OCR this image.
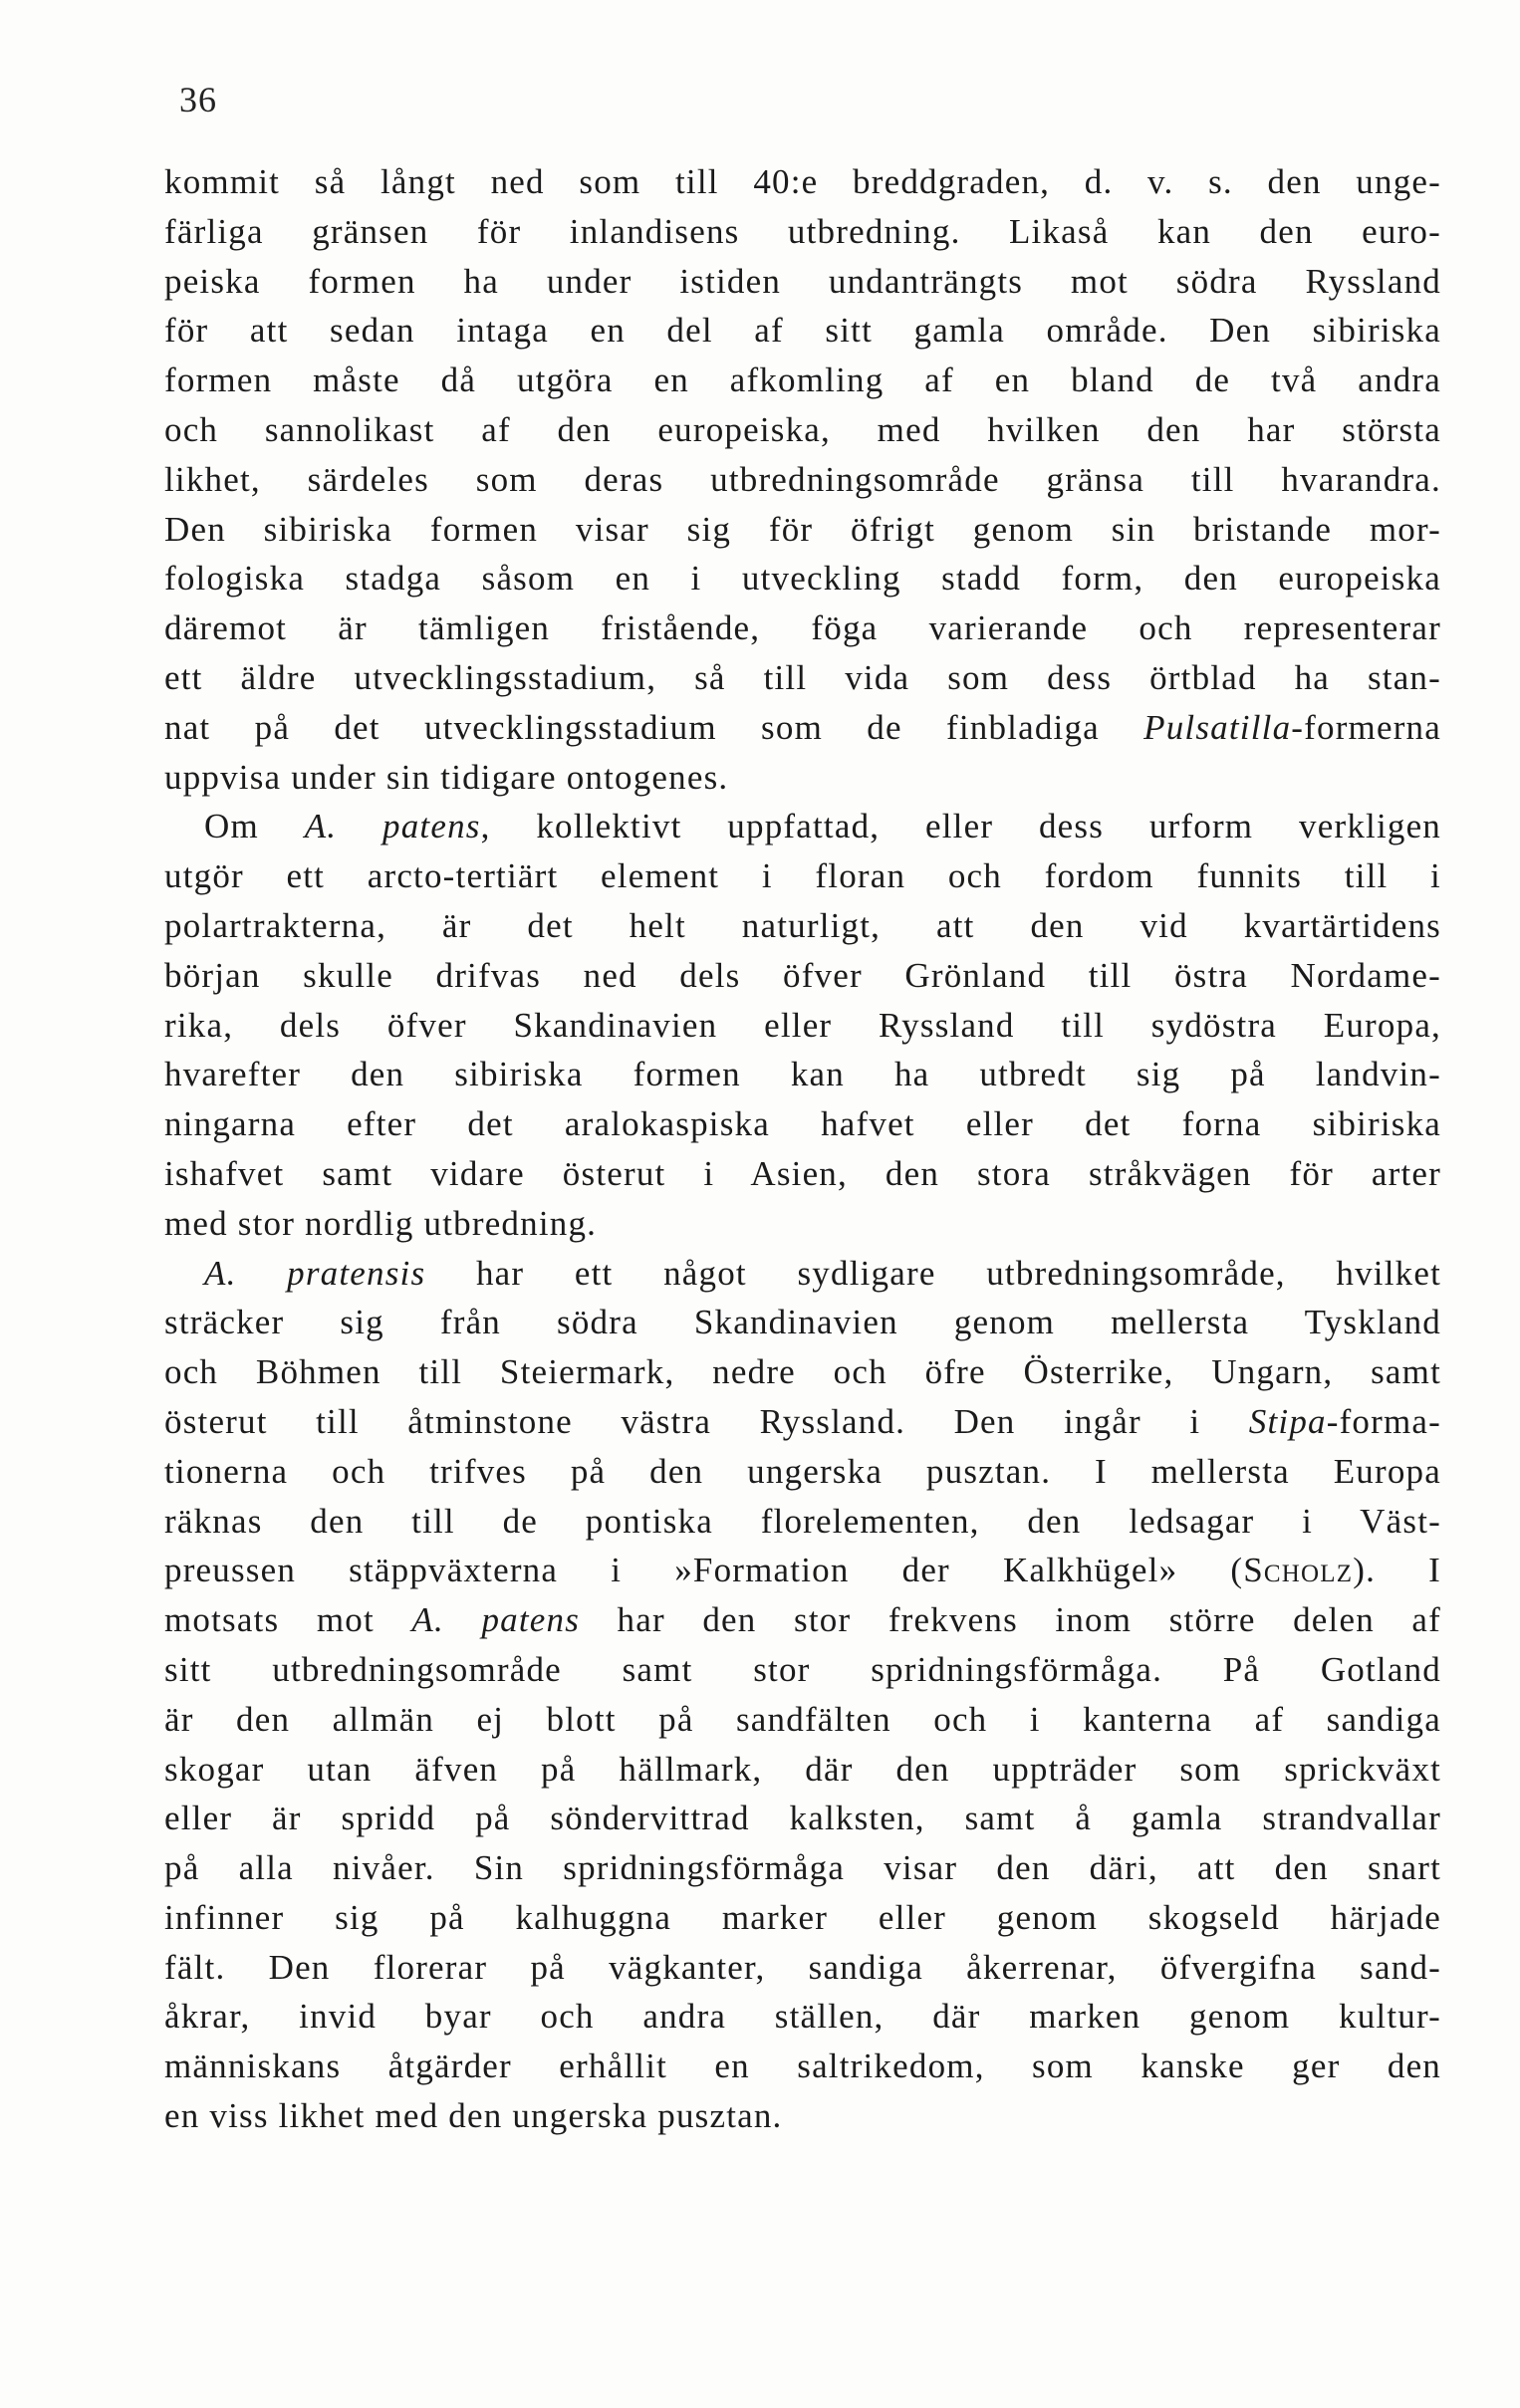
36
kommit så långt ned som till 40:e breddgraden, d. v. s. den unge-
färliga gränsen för inlandisens utbredning. Likaså kan den euro-
peiska formen ha under istiden undanträngts mot södra Ryssland
för att sedan intaga en del af sitt gamla område. Den sibiriska
formen måste då utgöra en afkomling af en bland de två andra
och sannolikast af den europeiska, med hvilken den har största
likhet, särdeles som deras utbredningsområde gränsa till hvarandra.
Den sibiriska formen visar sig för öfrigt genom sin bristande mor-
fologiska stadga såsom en i utveckling stadd form, den europeiska
däremot är tämligen fristående, föga varierande och representerar
ett äldre utvecklingsstadium, så till vida som dess örtblad ha stan-
nat på det utvecklingsstadium som de finbladiga Pulsatilla-formerna
uppvisa under sin tidigare ontogenes.
Om A. patens, kollektivt uppfattad, eller dess urform verkligen
utgör ett arcto-tertiärt element i floran och fordom funnits till i
polartrakterna, är det helt naturligt, att den vid kvartärtidens
början skulle drifvas ned dels öfver Grönland till östra Nordame-
rika, dels öfver Skandinavien eller Ryssland till sydöstra Europa,
hvarefter den sibiriska formen kan ha utbredt sig på landvin-
ningarna efter det aralokaspiska hafvet eller det forna sibiriska
ishafvet samt vidare österut i Asien, den stora stråkvägen för arter
med stor nordlig utbredning.
A. pratensis har ett något sydligare utbredningsområde, hvilket
sträcker sig från södra Skandinavien genom mellersta Tyskland
och Böhmen till Steiermark, nedre och öfre Österrike, Ungarn, samt
österut till åtminstone västra Ryssland. Den ingår i Stipa-forma-
tionerna och trifves på den ungerska pusztan. I mellersta Europa
räknas den till de pontiska florelementen, den ledsagar i Väst-
preussen stäppväxterna i »Formation der Kalkhügel» (Scholz). I
motsats mot A. patens har den stor frekvens inom större delen af
sitt utbredningsområde samt stor spridningsförmåga. På Gotland
är den allmän ej blott på sandfälten och i kanterna af sandiga
skogar utan äfven på hällmark, där den uppträder som sprickväxt
eller är spridd på söndervittrad kalksten, samt å gamla strandvallar
på alla nivåer. Sin spridningsförmåga visar den däri, att den snart
infinner sig på kalhuggna marker eller genom skogseld härjade
fält. Den florerar på vägkanter, sandiga åkerrenar, öfvergifna sand-
åkrar, invid byar och andra ställen, där marken genom kultur-
människans åtgärder erhållit en saltrikedom, som kanske ger den
en viss likhet med den ungerska pusztan.
